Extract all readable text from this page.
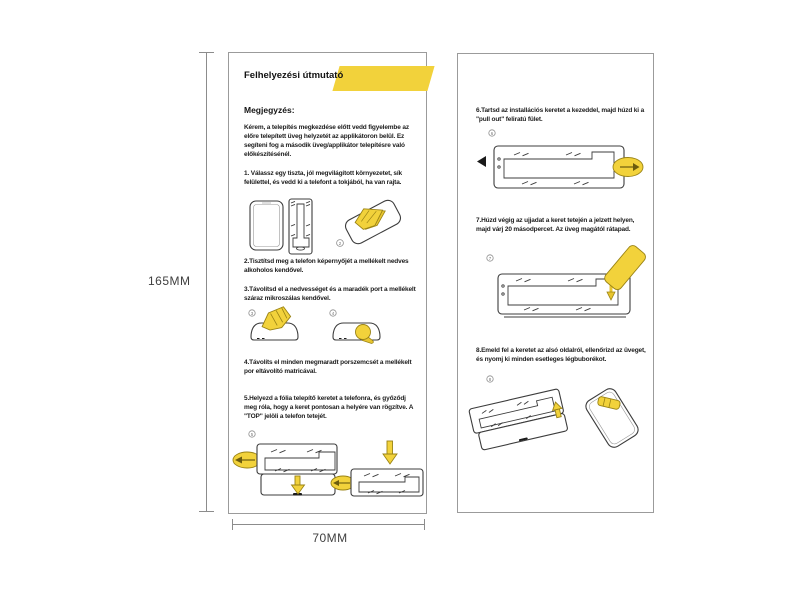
165MM
70MM
Felhelyezési útmutató
Megjegyzés:
Kérem, a telepítés megkezdése előtt vedd figyelembe az előre telepített üveg helyzetét az applikátoron belül. Ez segíteni fog a második üveg/applikátor telepítésre való előkészítésénél.
1. Válassz egy tiszta, jól megvilágított környezetet, sík felülettel, és vedd ki a telefont a tokjából, ha van rajta.
2
2.Tisztítsd meg a telefon képernyőjét a mellékelt nedves alkoholos kendővel.
3.Távolítsd el a nedvességet és a maradék port a mellékelt száraz mikroszálas kendővel.
3	4
4.Távolíts el minden megmaradt porszemcsét a mellékelt por eltávolító matricával.
5.Helyezd a fólia telepítő keretet a telefonra, és győződj meg róla, hogy a keret pontosan a helyére van rögzítve. A "TOP" jelöli a telefon tetejét.
5
6.Tartsd az installációs keretet a kezeddel, majd húzd ki a "pull out" feliratú fület.
6
7.Húzd végig az ujjadat a keret tetején a jelzett helyen, majd várj 20 másodpercet. Az üveg magától rátapad.
7
8.Emeld fel a keretet az alsó oldalról, ellenőrizd az üveget, és nyomj ki minden esetleges légbuborékot.
8
